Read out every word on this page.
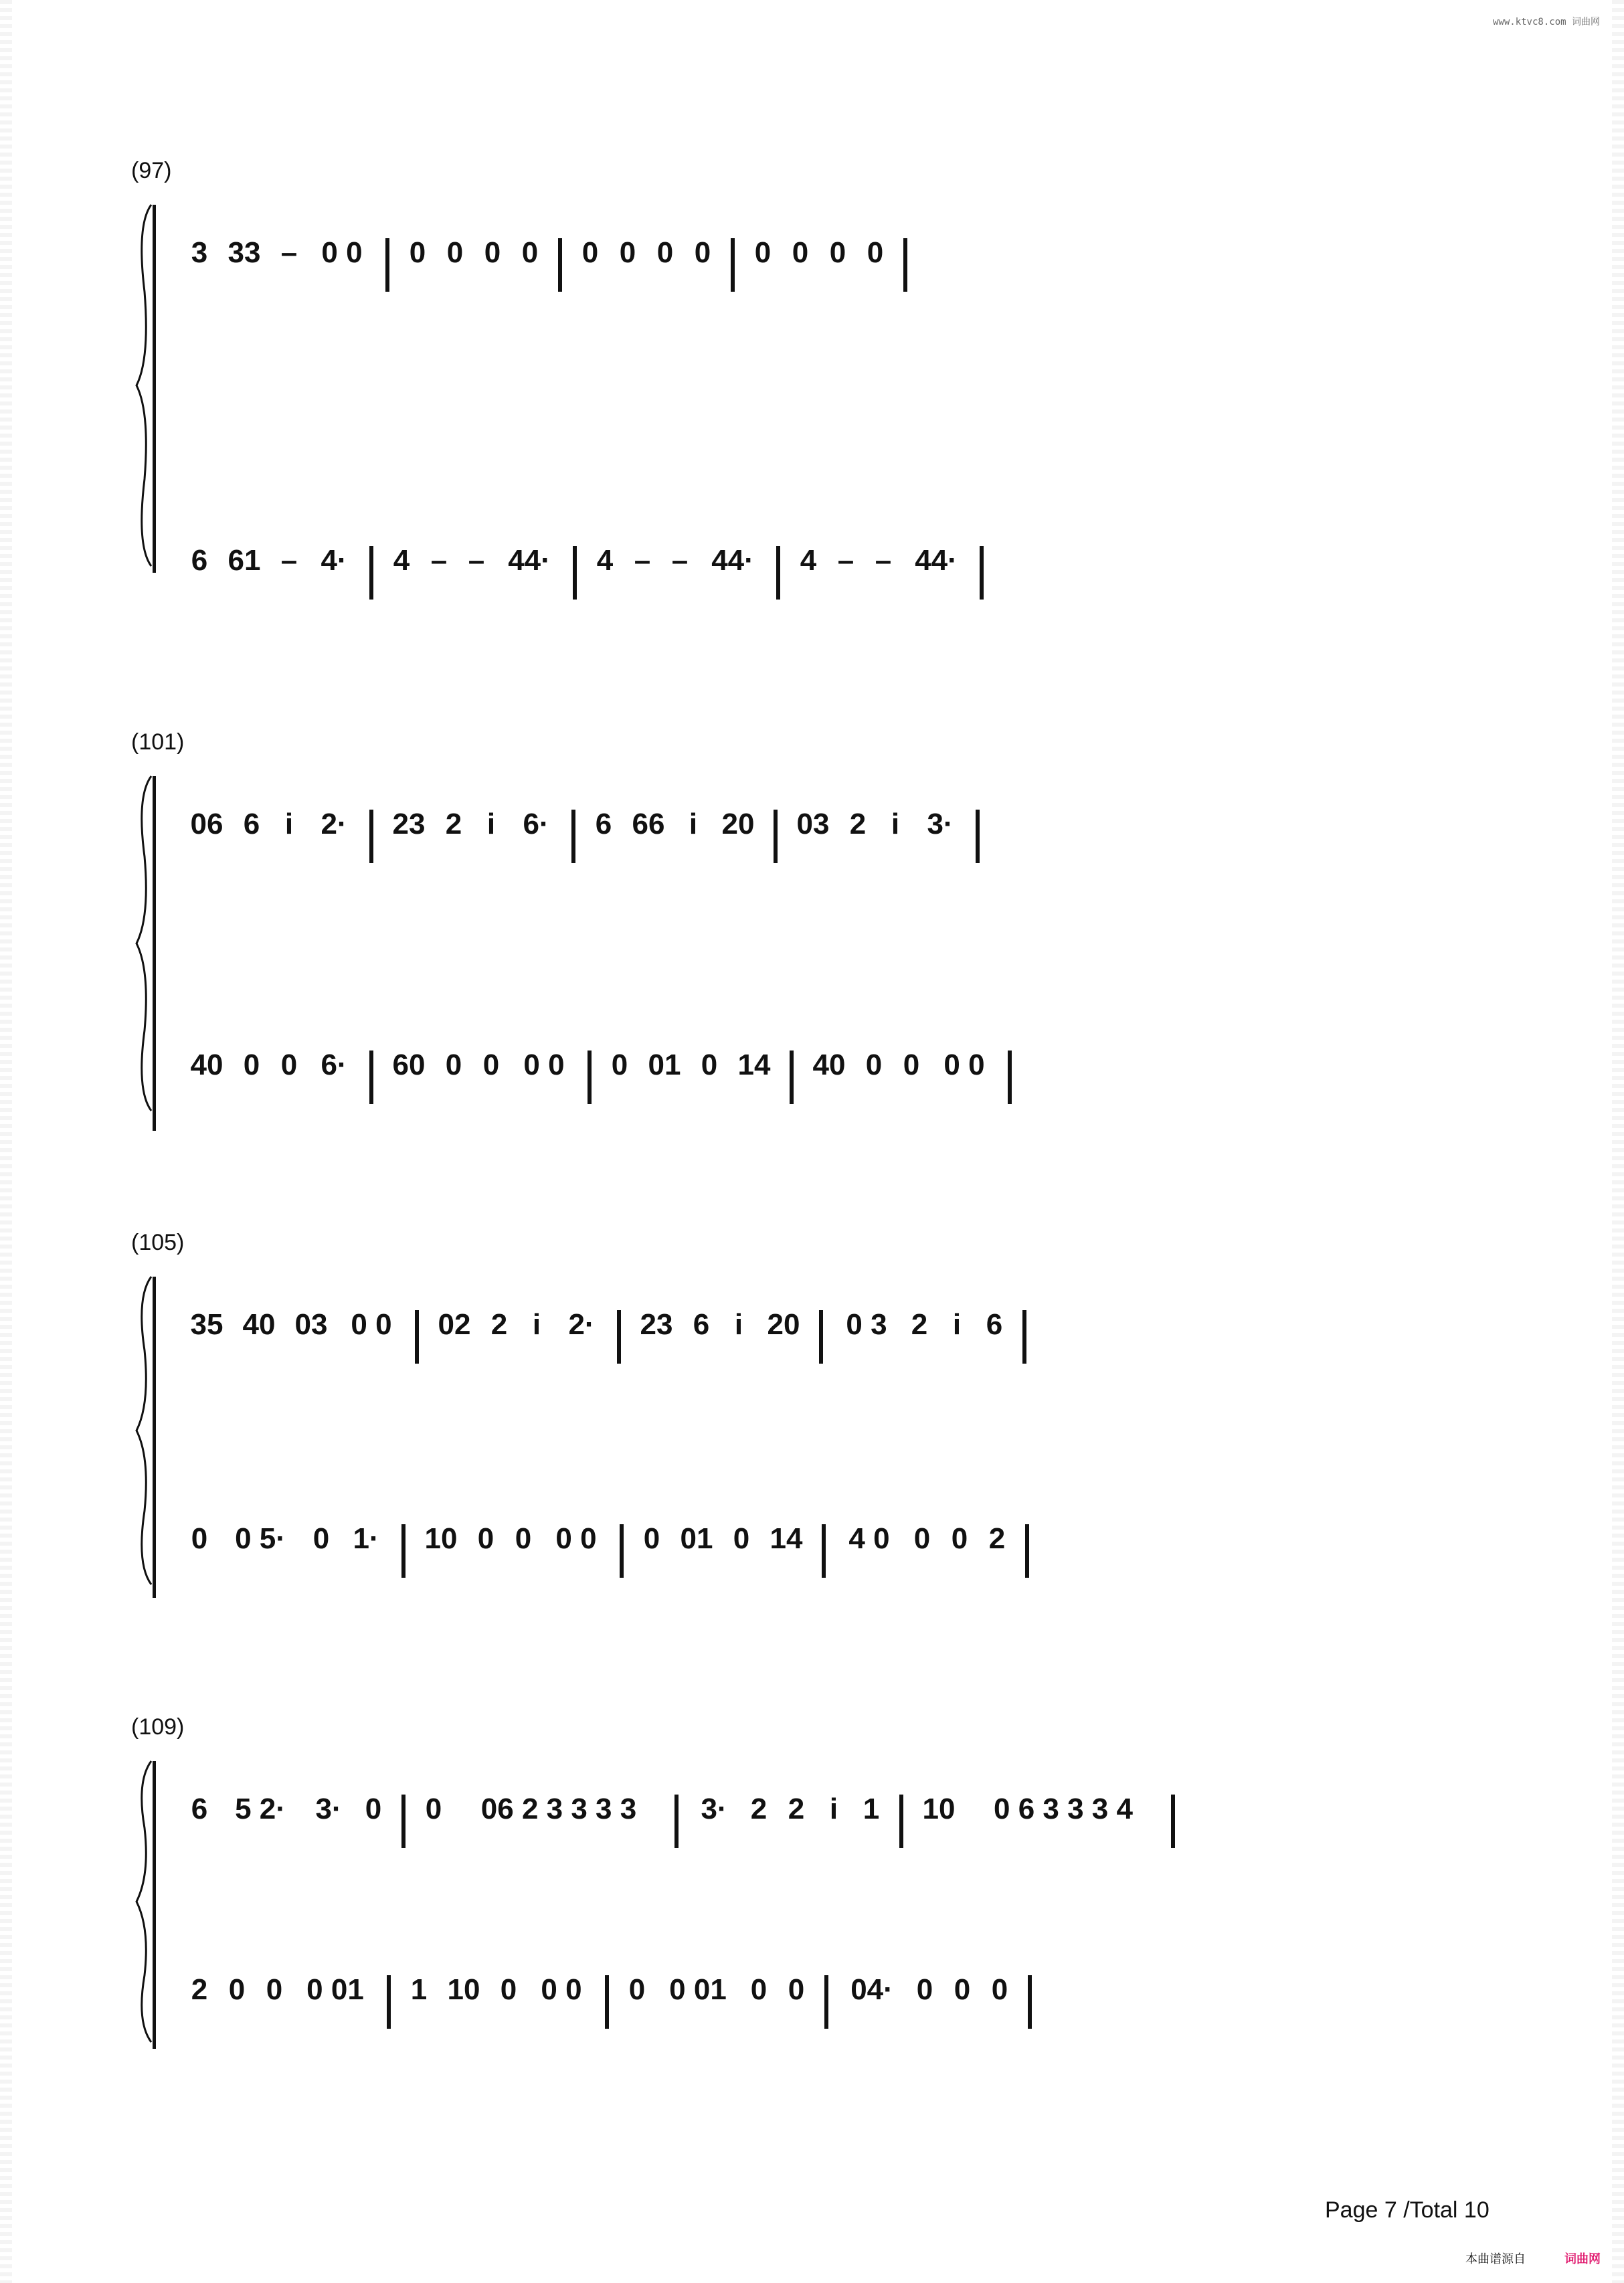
www.ktvc8.com 词曲网
(97)
3 33 – 0 0	0 0 0 0	0 0 0 0	0 0 0 0
6 61 – 4·	4 – – 44·	4 – – 44·	4 – – 44·
(101)
06 6 i 2·	23 2 i 6·	6 66 i 20	03 2 i 3·
40 0 0 6·	60 0 0 0 0	0 01 0 14	40 0 0 0 0
(105)
35 40 03 0 0	02 2 i 2·	23 6 i 20	0 3 2 i 6
0 0 5· 0 1·	10 0 0 0 0	0 01 0 14	4 0 0 0 2
(109)
6 5 2·	3· 0	0	06 2 3 3 3 3	3· 2 2 i 1	10	0 6 3 3 3 4
2 0 0 0 01	1 10 0 0 0	0 0 01 0 0	04· 0 0 0
Page 7 /Total 10
本曲谱源自	词曲网
